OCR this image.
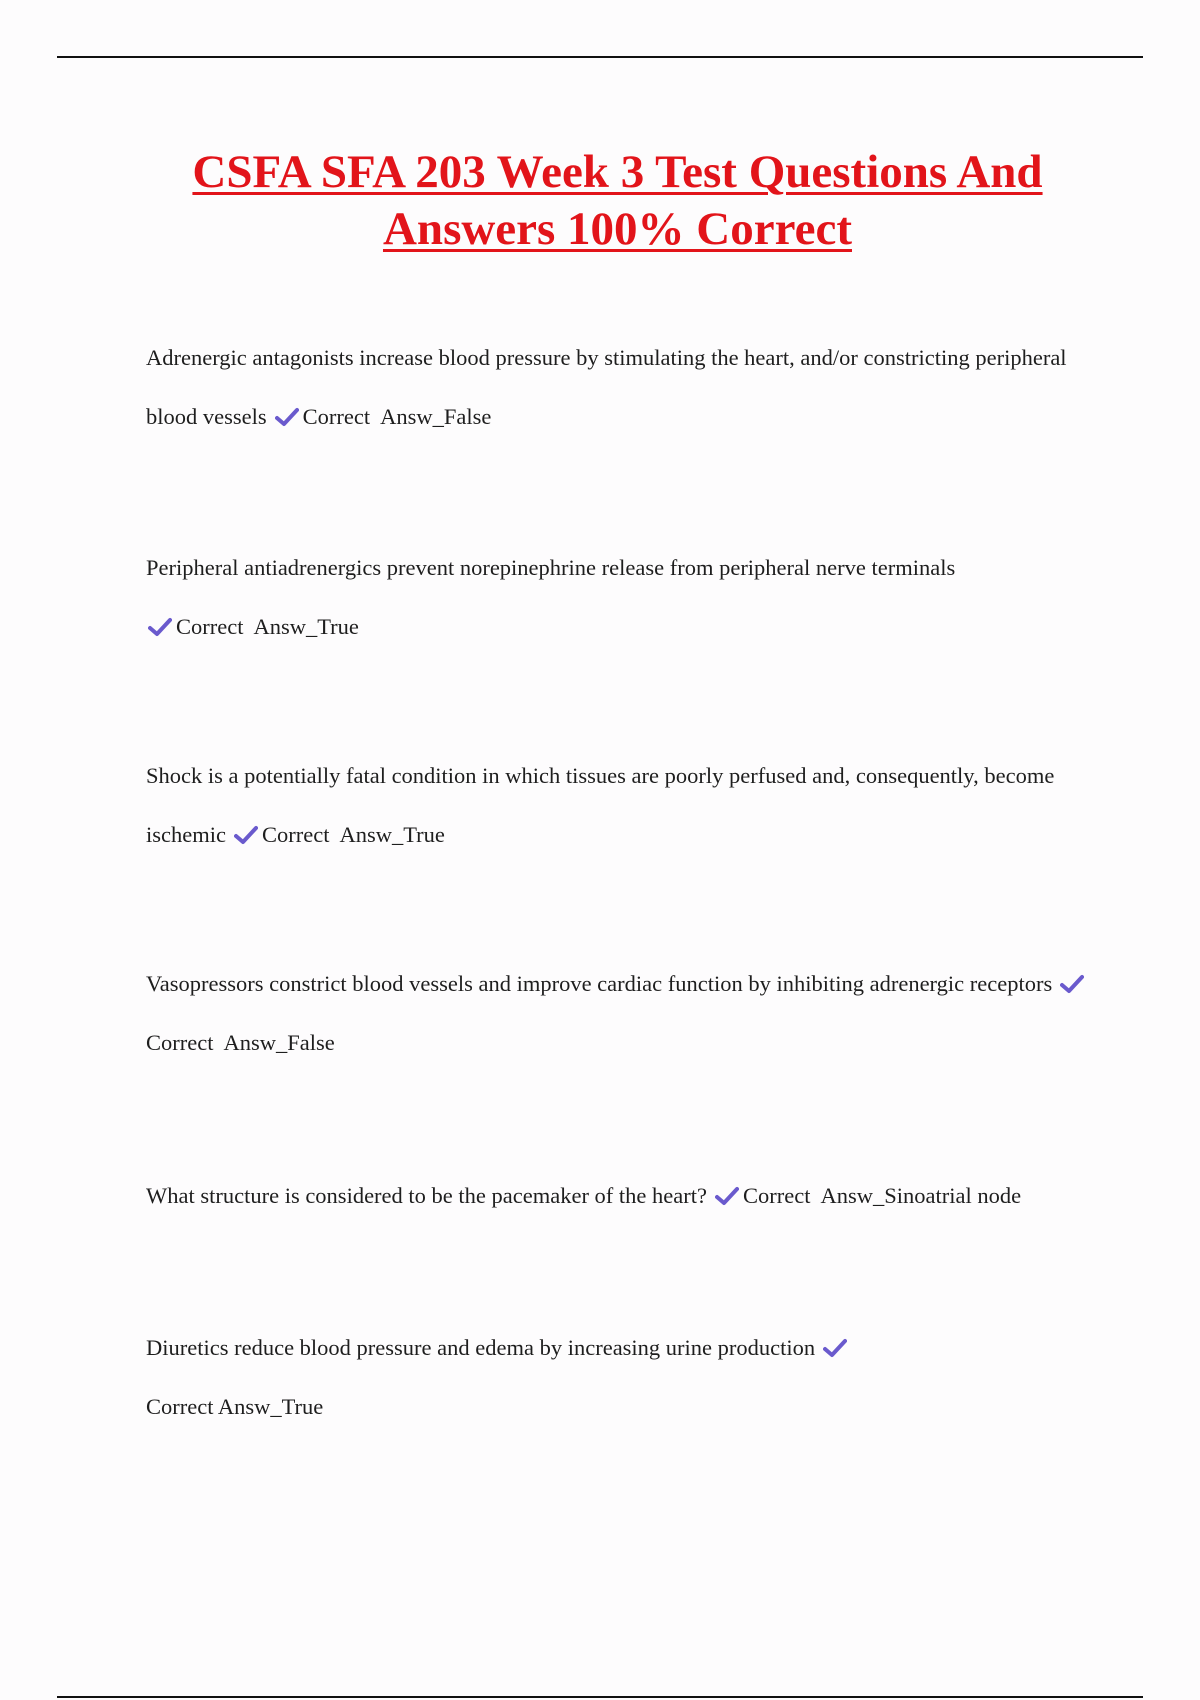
CSFA SFA 203 Week 3 Test Questions And
Answers 100% Correct

Adrenergic antagonists increase blood pressure by stimulating the heart, and/or constricting peripheral blood vessels Correct  Answ_False

Peripheral antiadrenergics prevent norepinephrine release from peripheral nerve terminals

Correct  Answ_True

Shock is a potentially fatal condition in which tissues are poorly perfused and, consequently, become ischemic Correct  Answ_True

Vasopressors constrict blood vessels and improve cardiac function by inhibiting adrenergic receptors
Correct  Answ_False

What structure is considered to be the pacemaker of the heart? Correct  Answ_Sinoatrial node

Diuretics reduce blood pressure and edema by increasing urine production
Correct Answ_True
